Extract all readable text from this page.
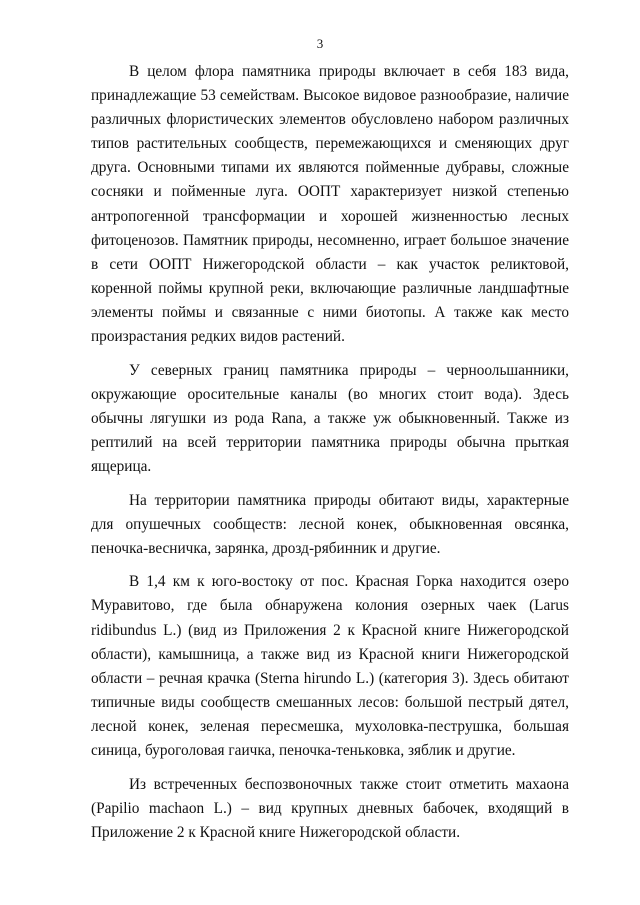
3

В целом флора памятника природы включает в себя 183 вида, принадлежащие 53 семействам. Высокое видовое разнообразие, наличие различных флористических элементов обусловлено набором различных типов растительных сообществ, перемежающихся и сменяющих друг друга. Основными типами их являются пойменные дубравы, сложные сосняки и пойменные луга. ООПТ характеризует низкой степенью антропогенной трансформации и хорошей жизненностью лесных фитоценозов. Памятник природы, несомненно, играет большое значение в сети ООПТ Нижегородской области – как участок реликтовой, коренной поймы крупной реки, включающие различные ландшафтные элементы поймы и связанные с ними биотопы. А также как место произрастания редких видов растений.

У северных границ памятника природы – черноольшанники, окружающие оросительные каналы (во многих стоит вода). Здесь обычны лягушки из рода Rana, а также уж обыкновенный. Также из рептилий на всей территории памятника природы обычна прыткая ящерица.

На территории памятника природы обитают виды, характерные для опушечных сообществ: лесной конек, обыкновенная овсянка, пеночка-весничка, зарянка, дрозд-рябинник и другие.

В 1,4 км к юго-востоку от пос. Красная Горка находится озеро Муравитово, где была обнаружена колония озерных чаек (Larus ridibundus L.) (вид из Приложения 2 к Красной книге Нижегородской области), камышница, а также вид из Красной книги Нижегородской области – речная крачка (Sterna hirundo L.) (категория 3). Здесь обитают типичные виды сообществ смешанных лесов: большой пестрый дятел, лесной конек, зеленая пересмешка, мухоловка-пеструшка, большая синица, буроголовая гаичка, пеночка-теньковка, зяблик и другие.

Из встреченных беспозвоночных также стоит отметить махаона (Papilio machaon L.) – вид крупных дневных бабочек, входящий в Приложение 2 к Красной книге Нижегородской области.
